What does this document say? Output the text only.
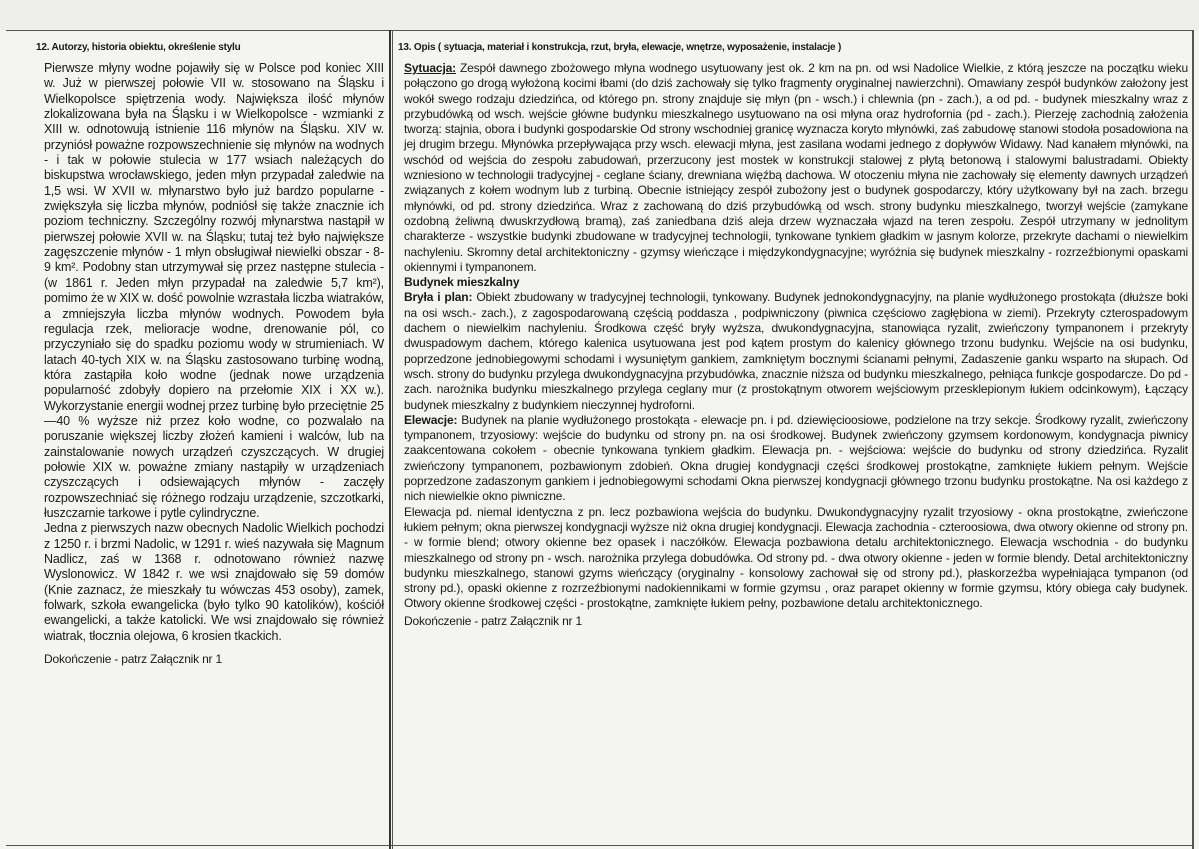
12. Autorzy, historia obiektu, określenie stylu

Pierwsze młyny wodne pojawiły się w Polsce pod koniec XIII w. Już w pierwszej połowie VII w. stosowano na Śląsku i Wielkopolsce spiętrzenia wody. Największa ilość młynów zlokalizowana była na Śląsku i w Wielkopolsce - wzmianki z XIII w. odnotowują istnienie 116 młynów na Śląsku. XIV w. przyniósł poważne rozpowszechnienie się młynów na wodnych - i tak w połowie stulecia w 177 wsiach należących do biskupstwa wrocławskiego, jeden młyn przypadał zaledwie na 1,5 wsi. W XVII w. młynarstwo było już bardzo popularne - zwiększyła się liczba młynów, podniósł się także znacznie ich poziom techniczny. Szczególny rozwój młynarstwa nastąpił w pierwszej połowie XVII w. na Śląsku; tutaj też było największe zagęszczenie młynów - 1 młyn obsługiwał niewielki obszar - 8-9 km². Podobny stan utrzymywał się przez następne stulecia - (w 1861 r. Jeden młyn przypadał na zaledwie 5,7 km²), pomimo że w XIX w. dość powolnie wzrastała liczba wiatraków, a zmniejszyła liczba młynów wodnych. Powodem była regulacja rzek, melioracje wodne, drenowanie pól, co przyczyniało się do spadku poziomu wody w strumieniach. W latach 40-tych XIX w. na Śląsku zastosowano turbinę wodną, która zastąpiła koło wodne (jednak nowe urządzenia popularność zdobyły dopiero na przełomie XIX i XX w.). Wykorzystanie energii wodnej przez turbinę było przeciętnie 25—40 % wyższe niż przez koło wodne, co pozwalało na poruszanie większej liczby złożeń kamieni i walców, lub na zainstalowanie nowych urządzeń czyszczących. W drugiej połowie XIX w. poważne zmiany nastąpiły w urządzeniach czyszczących i odsiewających młynów - zaczęły rozpowszechniać się różnego rodzaju urządzenie, szczotkarki, łuszczarnie tarkowe i pytle cylindryczne.

Jedna z pierwszych nazw obecnych Nadolic Wielkich pochodzi z 1250 r. i brzmi Nadolic, w 1291 r. wieś nazywała się Magnum Nadlicz, zaś w 1368 r. odnotowano również nazwę Wyslonowicz. W 1842 r. we wsi znajdowało się 59 domów (Knie zaznacz, że mieszkały tu wówczas 453 osoby), zamek, folwark, szkoła ewangelicka (było tylko 90 katolików), kościół ewangelicki, a także katolicki. We wsi znajdowało się również wiatrak, tłocznia olejowa, 6 krosien tkackich.

Dokończenie - patrz Załącznik nr 1
13. Opis ( sytuacja, materiał i konstrukcja, rzut, bryła, elewacje, wnętrze, wyposażenie, instalacje )

Sytuacja: Zespół dawnego zbożowego młyna wodnego usytuowany jest ok. 2 km na pn. od wsi Nadolice Wielkie, z którą jeszcze na początku wieku połączono go drogą wyłożoną kocimi łbami (do dziś zachowały się tylko fragmenty oryginalnej nawierzchni). Omawiany zespół budynków założony jest wokół swego rodzaju dziedzińca, od którego pn. strony znajduje się młyn (pn - wsch.) i chlewnia (pn - zach.), a od pd. - budynek mieszkalny wraz z przybudówką od wsch. wejście główne budynku mieszkalnego usytuowano na osi młyna oraz hydrofornia (pd - zach.). Pierzeję zachodnią założenia tworzą: stajnia, obora i budynki gospodarskie Od strony wschodniej granicę wyznacza koryto młynówki, zaś zabudowę stanowi stodoła posadowiona na jej drugim brzegu. Młynówka przepływająca przy wsch. elewacji młyna, jest zasilana wodami jednego z dopływów Widawy. Nad kanałem młynówki, na wschód od wejścia do zespołu zabudowań, przerzucony jest mostek w konstrukcji stalowej z płytą betonową i stalowymi balustradami. Obiekty wzniesiono w technologii tradycyjnej - ceglane ściany, drewniana więźbą dachowa. W otoczeniu młyna nie zachowały się elementy dawnych urządzeń związanych z kołem wodnym lub z turbiną. Obecnie istniejący zespół zubożony jest o budynek gospodarczy, który użytkowany był na zach. brzegu młynówki, od pd. strony dziedzińca. Wraz z zachowaną do dziś przybudówką od wsch. strony budynku mieszkalnego, tworzył wejście (zamykane ozdobną żeliwną dwuskrzydłową bramą), zaś zaniedbana dziś aleja drzew wyznaczała wjazd na teren zespołu. Zespół utrzymany w jednolitym charakterze - wszystkie budynki zbudowane w tradycyjnej technologii, tynkowane tynkiem gładkim w jasnym kolorze, przekryte dachami o niewielkim nachyleniu. Skromny detal architektoniczny - gzymsy wieńczące i międzykondygnacyjne; wyróżnia się budynek mieszkalny - rozrzeźbionymi opaskami okiennymi i tympanonem.

Budynek mieszkalny

Bryła i plan: Obiekt zbudowany w tradycyjnej technologii, tynkowany. Budynek jednokondygnacyjny, na planie wydłużonego prostokąta (dłuższe boki na osi wsch.- zach.), z zagospodarowaną częścią poddasza , podpiwniczony (piwnica częściowo zagłębiona w ziemi). Przekryty czterospadowym dachem o niewielkim nachyleniu. Środkowa część bryły wyższa, dwukondygnacyjna, stanowiąca ryzalit, zwieńczony tympanonem i przekryty dwuspadowym dachem, którego kalenica usytuowana jest pod kątem prostym do kalenicy głównego trzonu budynku. Wejście na osi budynku, poprzedzone jednobiegowymi schodami i wysuniętym gankiem, zamkniętym bocznymi ścianami pełnymi, Zadaszenie ganku wsparto na słupach. Od wsch. strony do budynku przylega dwukondygnacyjna przybudówka, znacznie niższa od budynku mieszkalnego, pełniąca funkcje gospodarcze. Do pd - zach. narożnika budynku mieszkalnego przylega ceglany mur (z prostokątnym otworem wejściowym przesklepionym łukiem odcinkowym), Łączący budynek mieszkalny z budynkiem nieczynnej hydroforni.

Elewacje: Budynek na planie wydłużonego prostokąta - elewacje pn. i pd. dziewięcioosiowe, podzielone na trzy sekcje. Środkowy ryzalit, zwieńczony tympanonem, trzyosiowy: wejście do budynku od strony pn. na osi środkowej. Budynek zwieńczony gzymsem kordonowym, kondygnacja piwnicy zaakcentowana cokołem - obecnie tynkowana tynkiem gładkim. Elewacja pn. - wejściowa: wejście do budynku od strony dziedzińca. Ryzalit zwieńczony tympanonem, pozbawionym zdobień. Okna drugiej kondygnacji części środkowej prostokątne, zamknięte łukiem pełnym. Wejście poprzedzone zadaszonym gankiem i jednobiegowymi schodami Okna pierwszej kondygnacji głównego trzonu budynku prostokątne. Na osi każdego z nich niewielkie okno piwniczne.

Elewacja pd. niemal identyczna z pn. lecz pozbawiona wejścia do budynku. Dwukondygnacyjny ryzalit trzyosiowy - okna prostokątne, zwieńczone łukiem pełnym; okna pierwszej kondygnacji wyższe niż okna drugiej kondygnacji. Elewacja zachodnia - czteroosiowa, dwa otwory okienne od strony pn. - w formie blend; otwory okienne bez opasek i naczółków. Elewacja pozbawiona detalu architektonicznego. Elewacja wschodnia - do budynku mieszkalnego od strony pn - wsch. narożnika przylega dobudówka. Od strony pd. - dwa otwory okienne - jeden w formie blendy. Detal architektoniczny budynku mieszkalnego, stanowi gzyms wieńczący (oryginalny - konsolowy zachował się od strony pd.), płaskorzeźba wypełniająca tympanon (od strony pd.), opaski okienne z rozrzeźbionymi nadokiennikami w formie gzymsu , oraz parapet okienny w formie gzymsu, który obiega cały budynek. Otwory okienne środkowej części - prostokątne, zamknięte łukiem pełny, pozbawione detalu architektonicznego.

Dokończenie - patrz Załącznik nr 1
